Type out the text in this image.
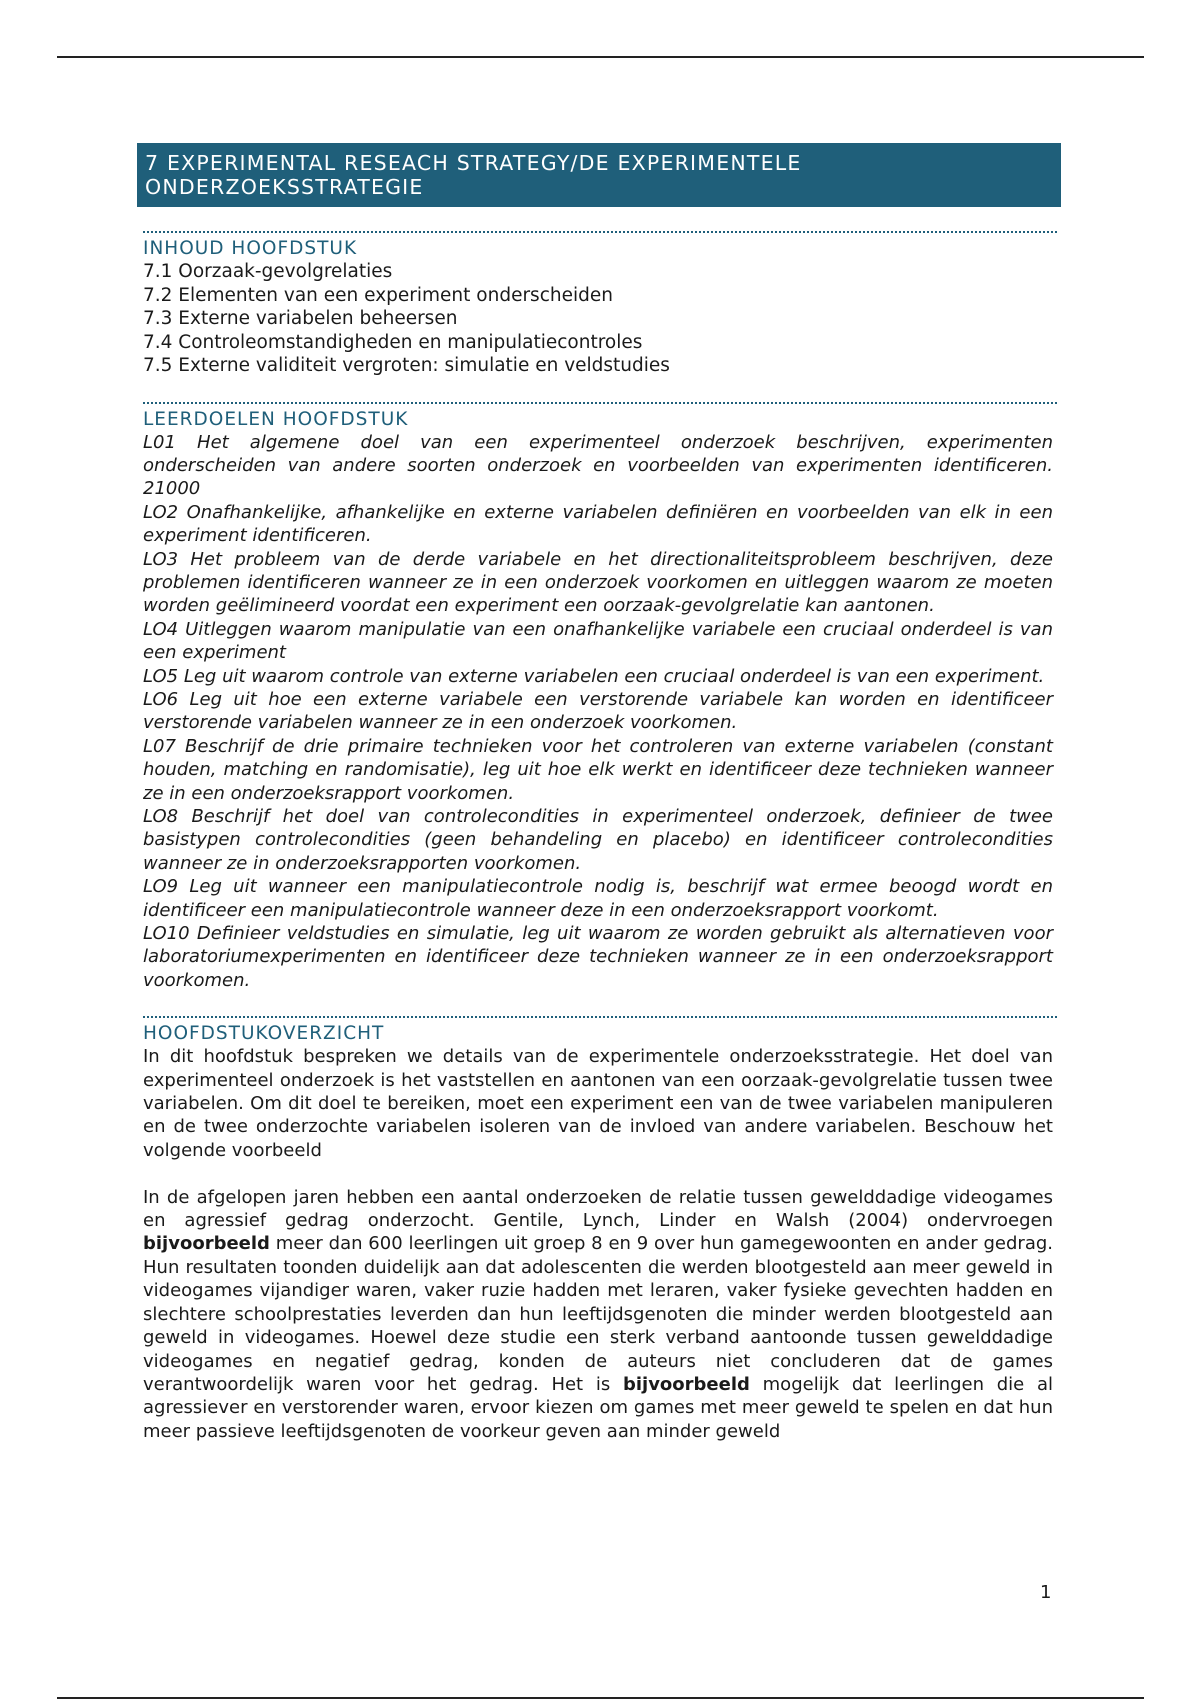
7 EXPERIMENTAL RESEACH STRATEGY/DE EXPERIMENTELE ONDERZOEKSSTRATEGIE
INHOUD HOOFDSTUK
7.1 Oorzaak-gevolgrelaties
7.2 Elementen van een experiment onderscheiden
7.3 Externe variabelen beheersen
7.4 Controleomstandigheden en manipulatiecontroles
7.5 Externe validiteit vergroten: simulatie en veldstudies
LEERDOELEN HOOFDSTUK
L01 Het algemene doel van een experimenteel onderzoek beschrijven, experimenten onderscheiden van andere soorten onderzoek en voorbeelden van experimenten identificeren. 21000
LO2 Onafhankelijke, afhankelijke en externe variabelen definiëren en voorbeelden van elk in een experiment identificeren.
LO3 Het probleem van de derde variabele en het directionaliteitsprobleem beschrijven, deze problemen identificeren wanneer ze in een onderzoek voorkomen en uitleggen waarom ze moeten worden geëlimineerd voordat een experiment een oorzaak-gevolgrelatie kan aantonen.
LO4 Uitleggen waarom manipulatie van een onafhankelijke variabele een cruciaal onderdeel is van een experiment
LO5 Leg uit waarom controle van externe variabelen een cruciaal onderdeel is van een experiment.
LO6 Leg uit hoe een externe variabele een verstorende variabele kan worden en identificeer verstorende variabelen wanneer ze in een onderzoek voorkomen.
L07 Beschrijf de drie primaire technieken voor het controleren van externe variabelen (constant houden, matching en randomisatie), leg uit hoe elk werkt en identificeer deze technieken wanneer ze in een onderzoeksrapport voorkomen.
LO8 Beschrijf het doel van controlecondities in experimenteel onderzoek, definieer de twee basistypen controlecondities (geen behandeling en placebo) en identificeer controlecondities wanneer ze in onderzoeksrapporten voorkomen.
LO9 Leg uit wanneer een manipulatiecontrole nodig is, beschrijf wat ermee beoogd wordt en identificeer een manipulatiecontrole wanneer deze in een onderzoeksrapport voorkomt.
LO10 Definieer veldstudies en simulatie, leg uit waarom ze worden gebruikt als alternatieven voor laboratoriumexperimenten en identificeer deze technieken wanneer ze in een onderzoeksrapport voorkomen.
HOOFDSTUKOVERZICHT
In dit hoofdstuk bespreken we details van de experimentele onderzoeksstrategie. Het doel van experimenteel onderzoek is het vaststellen en aantonen van een oorzaak-gevolgrelatie tussen twee variabelen. Om dit doel te bereiken, moet een experiment een van de twee variabelen manipuleren en de twee onderzochte variabelen isoleren van de invloed van andere variabelen. Beschouw het volgende voorbeeld
In de afgelopen jaren hebben een aantal onderzoeken de relatie tussen gewelddadige videogames en agressief gedrag onderzocht. Gentile, Lynch, Linder en Walsh (2004) ondervroegen bijvoorbeeld meer dan 600 leerlingen uit groep 8 en 9 over hun gamegewoonten en ander gedrag. Hun resultaten toonden duidelijk aan dat adolescenten die werden blootgesteld aan meer geweld in videogames vijandiger waren, vaker ruzie hadden met leraren, vaker fysieke gevechten hadden en slechtere schoolprestaties leverden dan hun leeftijdsgenoten die minder werden blootgesteld aan geweld in videogames. Hoewel deze studie een sterk verband aantoonde tussen gewelddadige videogames en negatief gedrag, konden de auteurs niet concluderen dat de games verantwoordelijk waren voor het gedrag. Het is bijvoorbeeld mogelijk dat leerlingen die al agressiever en verstorender waren, ervoor kiezen om games met meer geweld te spelen en dat hun meer passieve leeftijdsgenoten de voorkeur geven aan minder geweld
1
